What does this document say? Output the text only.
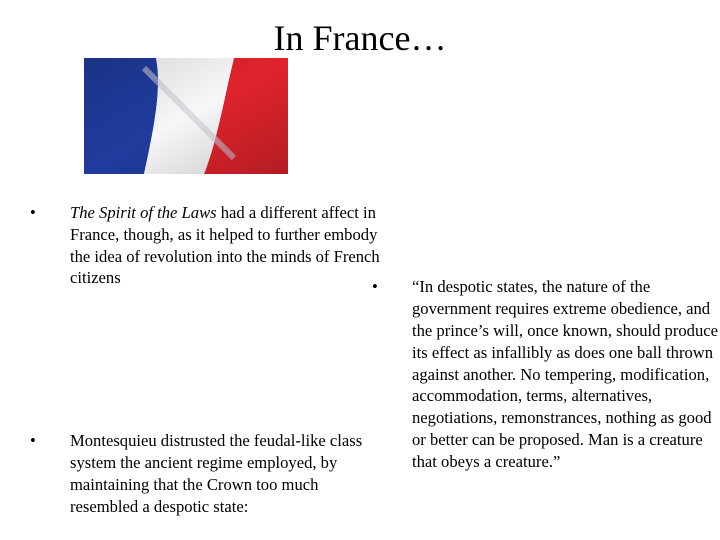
In France…
• The Spirit of the Laws had a different affect in France, though, as it helped to further embody the idea of revolution into the minds of French citizens
• Montesquieu distrusted the feudal-like class system the ancient regime employed, by maintaining that the Crown too much resembled a despotic state:
• “In despotic states, the nature of the government requires extreme obedience, and the prince’s will, once known, should produce its effect as infallibly as does one ball thrown against another. No tempering, modification, accommodation, terms, alternatives, negotiations, remonstrances, nothing as good or better can be proposed. Man is a creature that obeys a creature.”
